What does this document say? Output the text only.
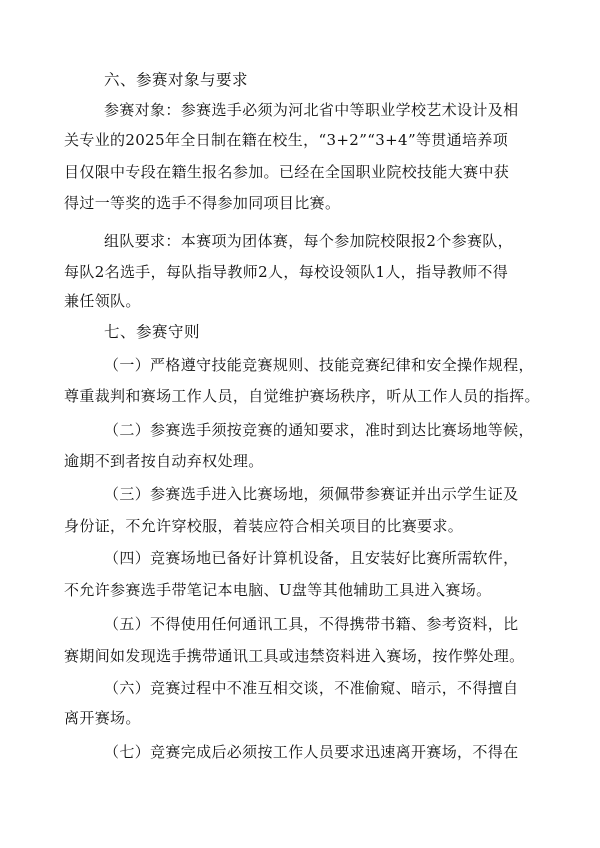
六、参赛对象与要求
参赛对象：参赛选手必须为河北省中等职业学校艺术设计及相
关专业的2025年全日制在籍在校生，“3+2”“3+4”等贯通培养项
目仅限中专段在籍生报名参加。已经在全国职业院校技能大赛中获
得过一等奖的选手不得参加同项目比赛。
组队要求：本赛项为团体赛，每个参加院校限报2个参赛队，
每队2名选手，每队指导教师2人，每校设领队1人，指导教师不得
兼任领队。
七、参赛守则
（一）严格遵守技能竞赛规则、技能竞赛纪律和安全操作规程，
尊重裁判和赛场工作人员，自觉维护赛场秩序，听从工作人员的指挥。
（二）参赛选手须按竞赛的通知要求，准时到达比赛场地等候，
逾期不到者按自动弃权处理。
（三）参赛选手进入比赛场地，须佩带参赛证并出示学生证及
身份证，不允许穿校服，着装应符合相关项目的比赛要求。
（四）竞赛场地已备好计算机设备，且安装好比赛所需软件，
不允许参赛选手带笔记本电脑、U盘等其他辅助工具进入赛场。
（五）不得使用任何通讯工具，不得携带书籍、参考资料，比
赛期间如发现选手携带通讯工具或违禁资料进入赛场，按作弊处理。
（六）竞赛过程中不准互相交谈，不准偷窥、暗示，不得擅自
离开赛场。
（七）竞赛完成后必须按工作人员要求迅速离开赛场，不得在
